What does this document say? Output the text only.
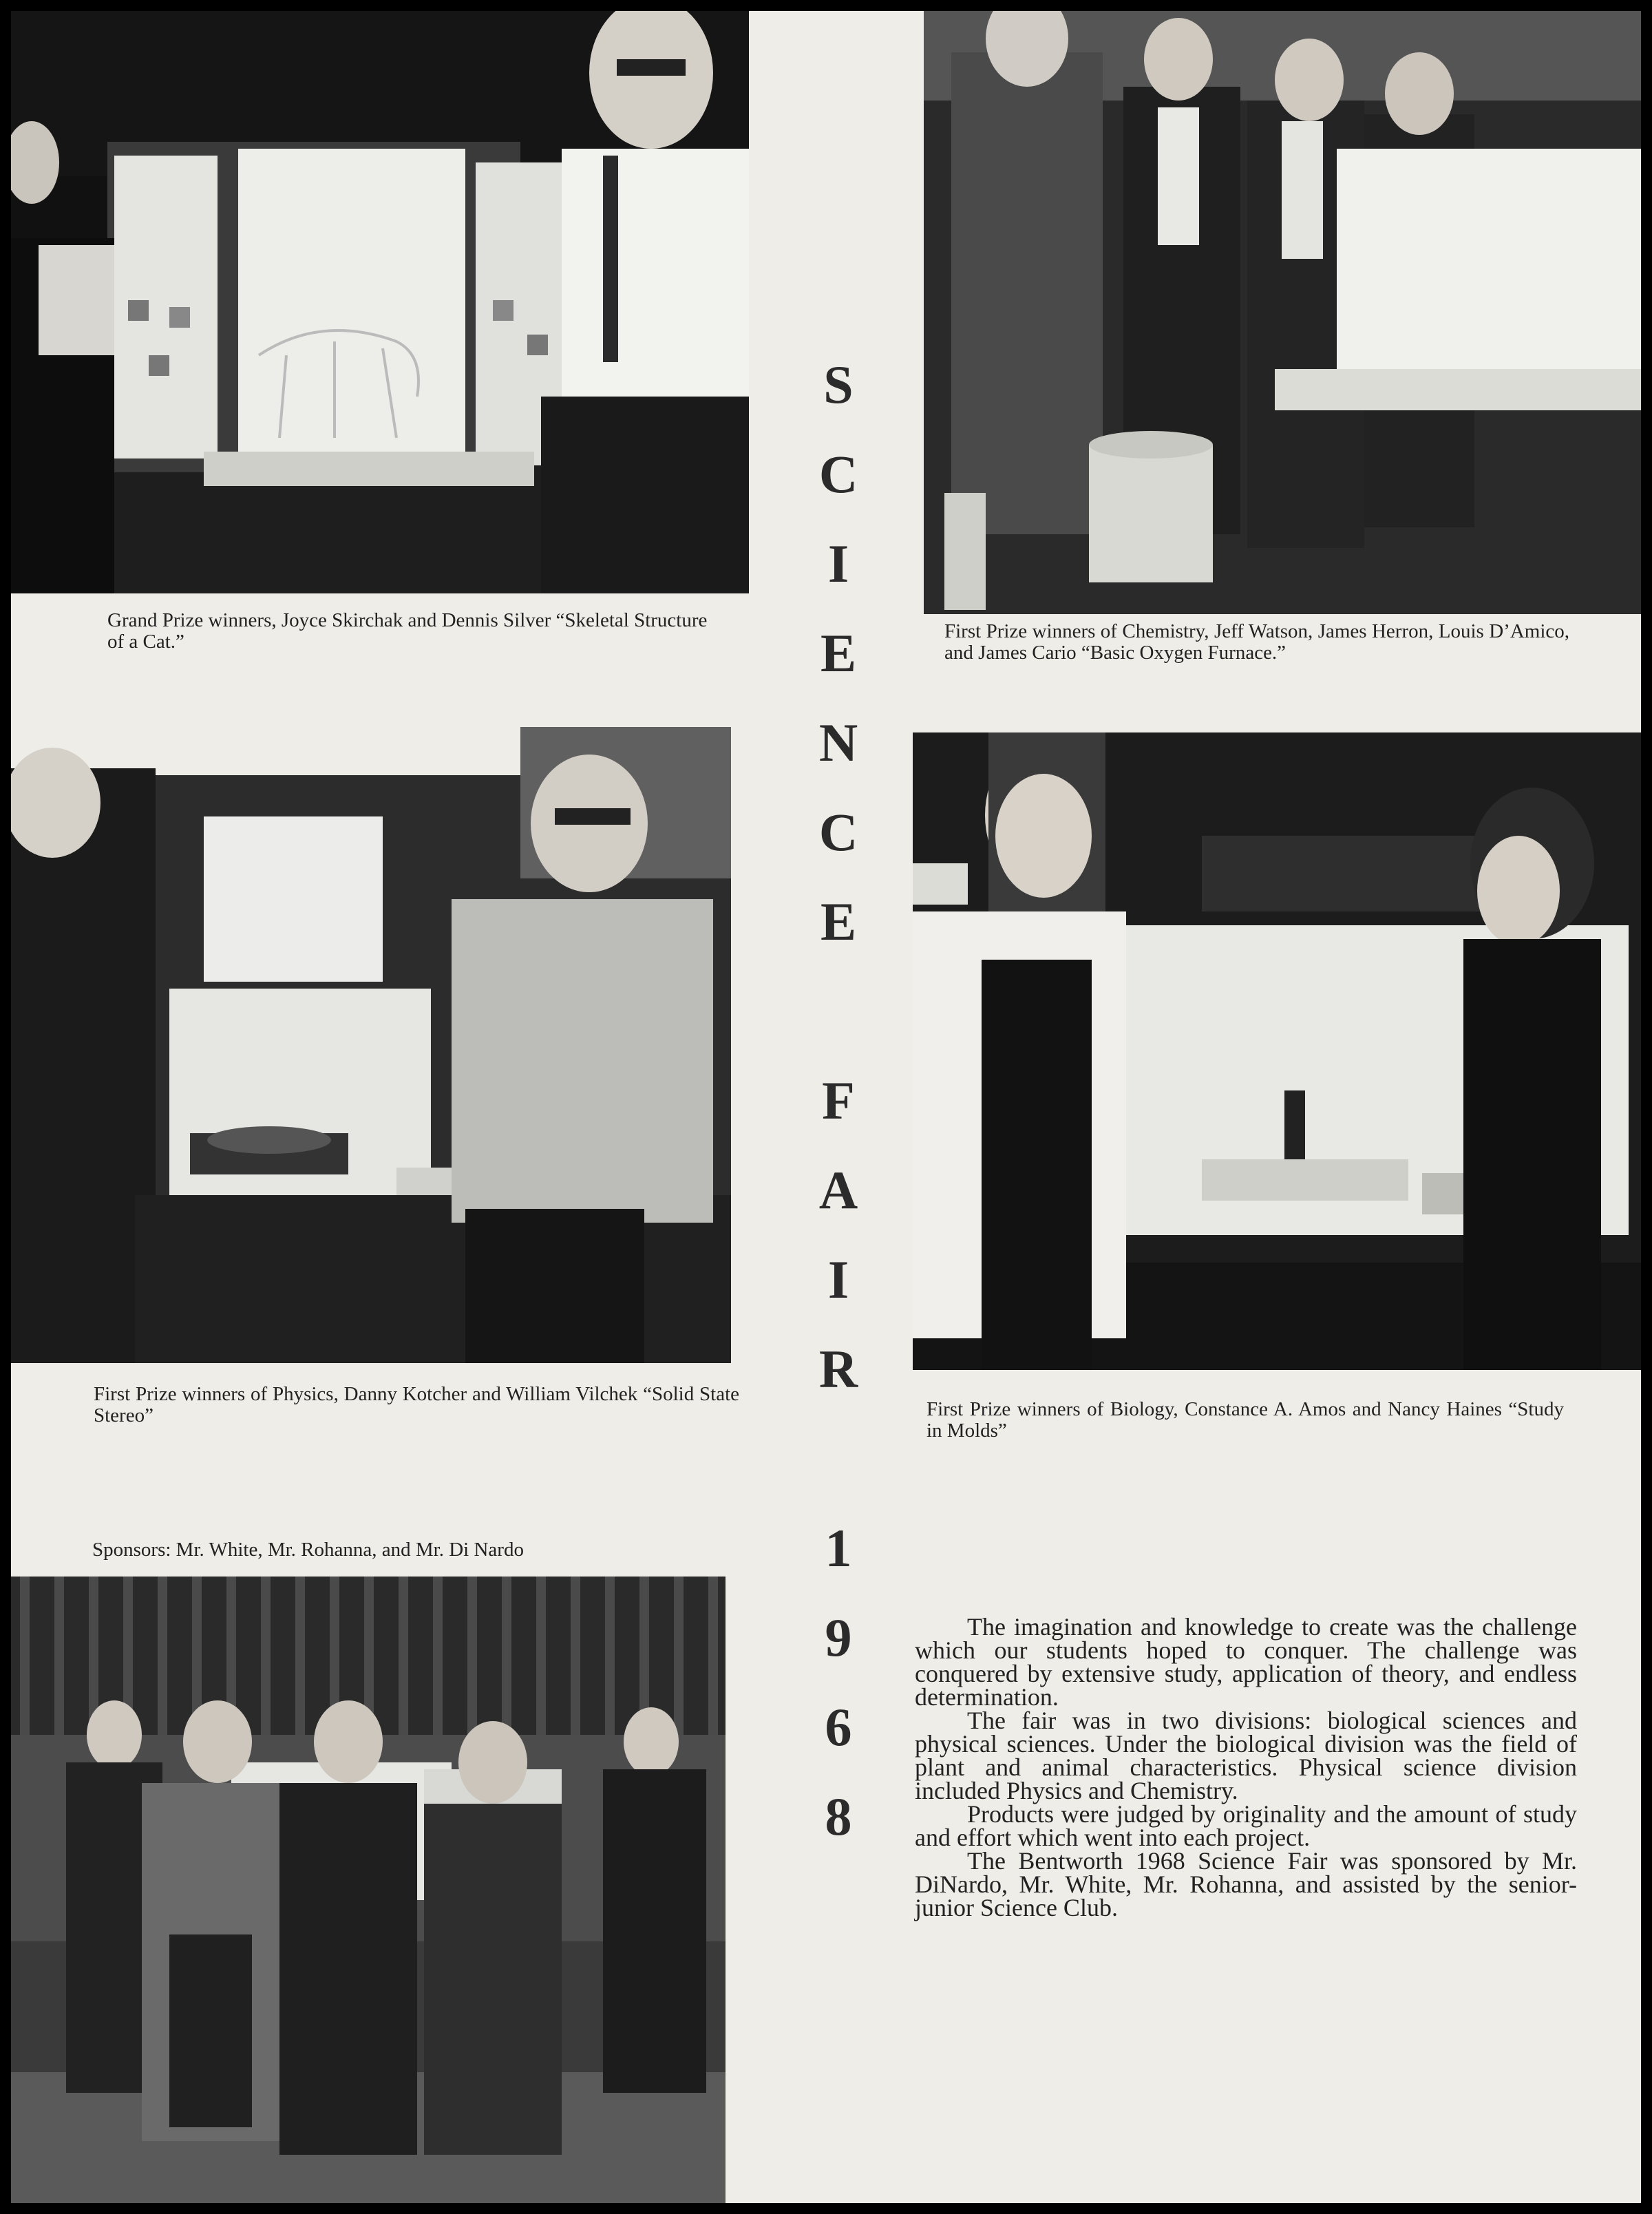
Grand Prize winners, Joyce Skirchak and Dennis Silver “Skeletal Structure of a Cat.”	First Prize winners of Chemistry, Jeff Watson, James Herron, Louis D’Amico, and James Cario “Basic Oxygen Furnace.”
First Prize winners of Physics, Danny Kotcher and William Vilchek “Solid State Stereo”	First Prize winners of Biology, Constance A. Amos and Nancy Haines “Study in Molds”
Sponsors: Mr. White, Mr. Rohanna, and Mr. Di Nardo
S
C
I
E
N
C
E
F
A
I
R
1
9
6
8

The imagination and knowledge to create was the challenge which our students hoped to conquer. The challenge was conquered by extensive study, application of theory, and endless determination.

The fair was in two divisions: biological sciences and physical sciences. Under the biological division was the field of plant and animal characteristics. Physical science division included Physics and Chemistry.

Products were judged by originality and the amount of study and effort which went into each project.

The Bentworth 1968 Science Fair was sponsored by Mr. DiNardo, Mr. White, Mr. Rohanna, and assisted by the senior-junior Science Club.
